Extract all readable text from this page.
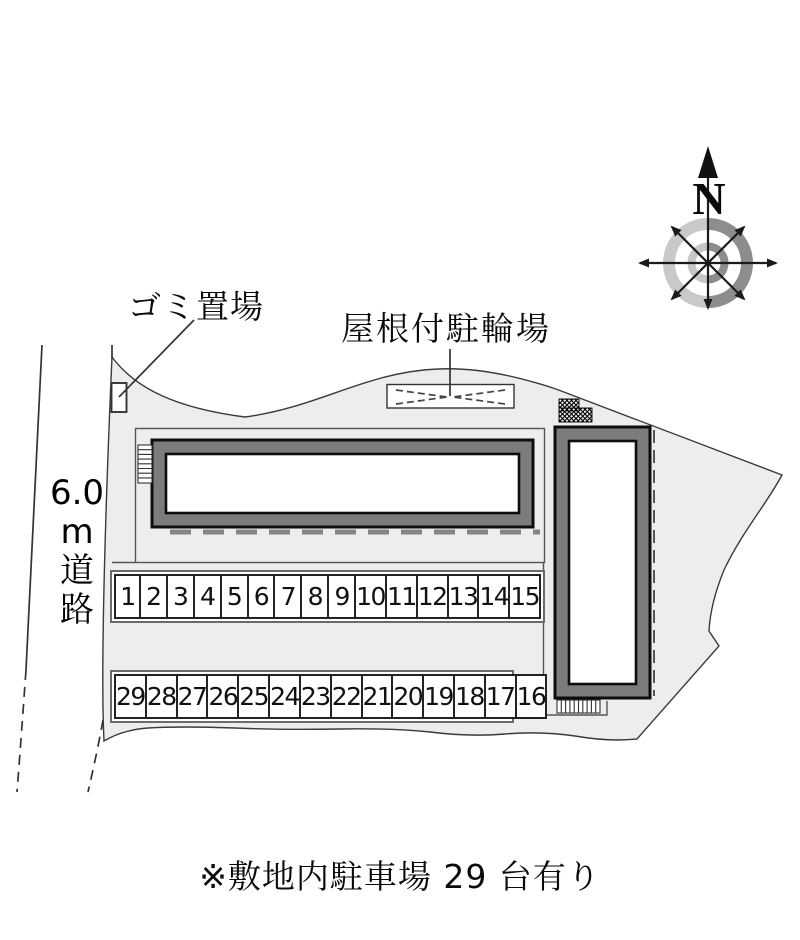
N
ゴミ置場
屋根付駐輪場
6.0
m
道
路 1 2 3 4 5 6 7 8 9 10 11 12 13 14 15
29 28 27 26 25 24 23 22 21 20 19 18 17 16
※敷地内駐車場 29 台有り
